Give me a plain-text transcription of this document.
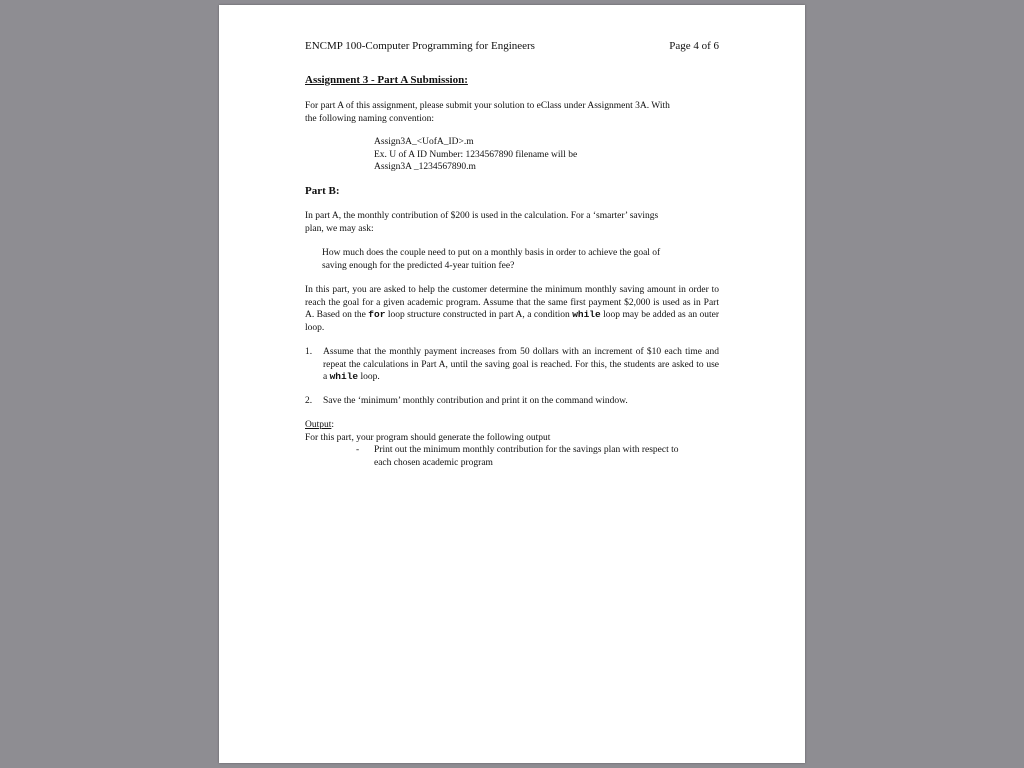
ENCMP 100-Computer Programming for Engineers	Page 4 of 6

Assignment 3 - Part A Submission:

For part A of this assignment, please submit your solution to eClass under Assignment 3A. With
the following naming convention:
Assign3A_<UofA_ID>.m
Ex. U of A ID Number: 1234567890 filename will be
Assign3A _1234567890.m

Part B:

In part A, the monthly contribution of $200 is used in the calculation. For a ‘smarter’ savings
plan, we may ask:
How much does the couple need to put on a monthly basis in order to achieve the goal of
saving enough for the predicted 4-year tuition fee?
In this part, you are asked to help the customer determine the minimum monthly saving amount in order to reach the goal for a given academic program. Assume that the same first payment $2,000 is used as in Part A. Based on the for loop structure constructed in part A, a condition while loop may be added as an outer loop.
1. Assume that the monthly payment increases from 50 dollars with an increment of $10 each time and repeat the calculations in Part A, until the saving goal is reached. For this, the students are asked to use a while loop.
2. Save the ‘minimum’ monthly contribution and print it on the command window.
Output:
For this part, your program should generate the following output
- Print out the minimum monthly contribution for the savings plan with respect to
each chosen academic program
